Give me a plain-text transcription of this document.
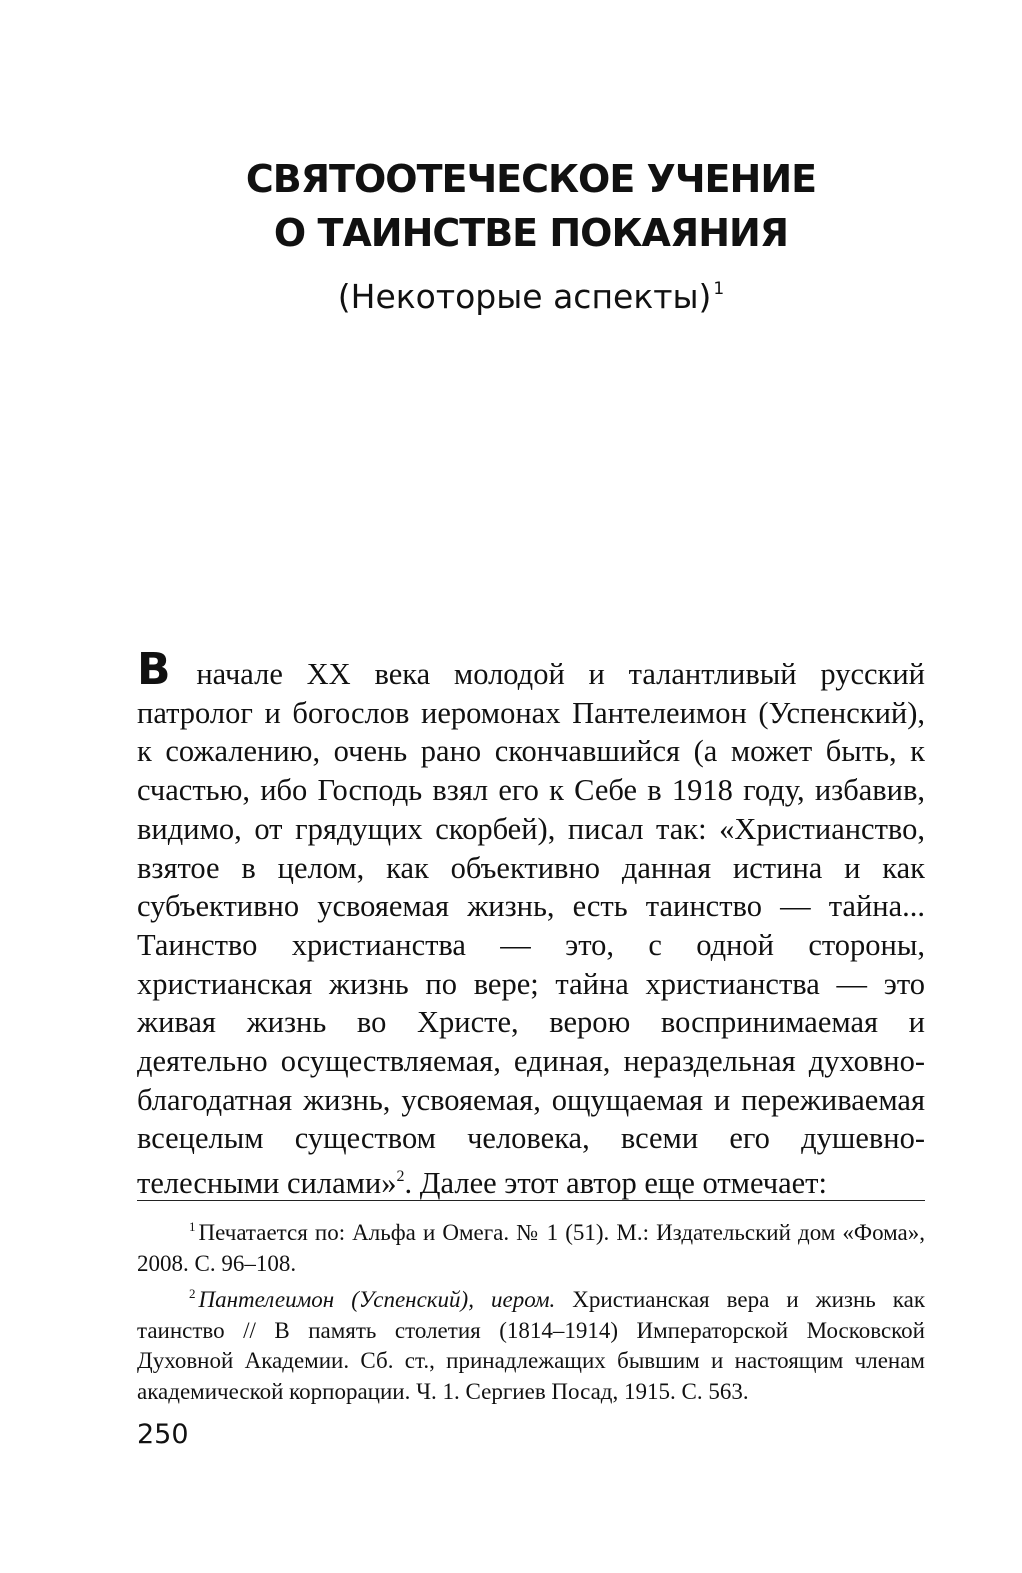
СВЯТООТЕЧЕСКОЕ УЧЕНИЕ
О ТАИНСТВЕ ПОКАЯНИЯ
(Некоторые аспекты) $^1$

В начале XX века молодой и талантливый русский патролог и богослов иеромонах Пантелеимон (Успенский), к сожалению, очень рано скончавшийся (а может быть, к счастью, ибо Господь взял его к Себе в 1918 году, избавив, видимо, от грядущих скорбей), писал так: «Христианство, взятое в целом, как объективно данная истина и как субъективно усвояемая жизнь, есть таинство — тайна... Таинство христианства — это, с одной стороны, христианская жизнь по вере; тайна христианства — это живая жизнь во Христе, верою воспринимаемая и деятельно осуществляемая, единая, нераздельная духовно-благодатная жизнь, усвояемая, ощущаемая и переживаемая всецелым существом человека, всеми его душевно-телесными силами»$^2$. Далее этот автор еще отмечает:

$^1$ Печатается по: Альфа и Омега. № 1 (51). М.: Издательский дом «Фома», 2008. С. 96–108.

$^2$ Пантелеимон (Успенский), иером. Христианская вера и жизнь как таинство // В память столетия (1814–1914) Императорской Московской Духовной Академии. Сб. ст., принадлежащих бывшим и настоящим членам академической корпорации. Ч. 1. Сергиев Посад, 1915. С. 563.

250
